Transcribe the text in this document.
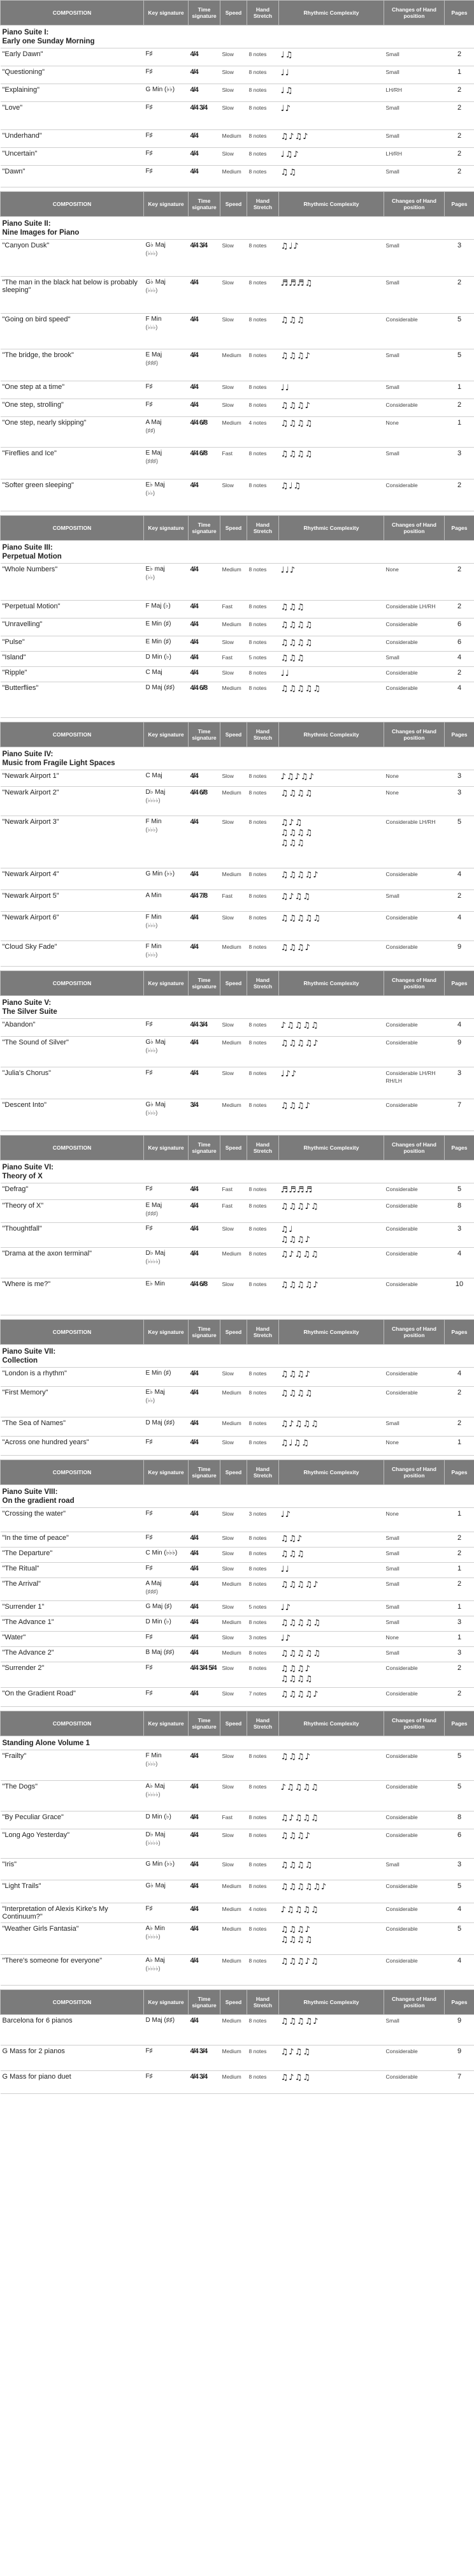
COMPOSITION	Key signature	Time signature	Speed	Hand Stretch	Rhythmic Complexity	Changes of Hand position	Pages

Piano Suite I:
Early one Sunday Morning							

"Early Dawn"	F♯	4/4	Slow	8 notes	♩♫	Small	2
"Questioning"	F♯	4/4	Slow	8 notes	♩♩	Small	1
"Explaining"	G Min (♭♭)	4/4	Slow	8 notes	♩♫	LH/RH	2
"Love"	F♯	4/4 3/4	Slow	8 notes	♩♪	Small	2
"Underhand"	F♯	4/4	Medium	8 notes	♫♪♫♪	Small	2
"Uncertain"	F♯	4/4	Slow	8 notes	♩♫♪	LH/RH	2
"Dawn"	F♯	4/4	Medium	8 notes	♫♫	Small	2
COMPOSITION	Key signature	Time signature	Speed	Hand Stretch	Rhythmic Complexity	Changes of Hand position	Pages

Piano Suite II:
Nine Images for Piano							

"Canyon Dusk"	G♭ Maj
(♭♭♭)	4/4 3/4	Slow	8 notes	♫♩♪	Small	3
"The man in the black hat below is probably sleeping"	G♭ Maj
(♭♭♭)	4/4	Slow	8 notes	♬♬♬♫	Small	2
"Going on bird speed"	F Min
(♭♭♭)	4/4	Slow	8 notes	♫♫♫	Considerable	5
"The bridge, the brook"	E Maj
(♯♯♯)	4/4	Medium	8 notes	♫♫♫♪	Small	5
"One step at a time"	F♯	4/4	Slow	8 notes	♩♩	Small	1
"One step, strolling"	F♯	4/4	Slow	8 notes	♫♫♫♪	Considerable	2
"One step, nearly skipping"	A Maj
(♯♯)	4/4 6/8	Medium	4 notes	♫♫♫♫	None	1
"Fireflies and Ice"	E Maj
(♯♯♯)	4/4 6/8	Fast	8 notes	♫♫♫♫	Small	3
"Softer green sleeping"	E♭ Maj
(♭♭)	4/4	Slow	8 notes	♫♩♫	Considerable	2
COMPOSITION	Key signature	Time signature	Speed	Hand Stretch	Rhythmic Complexity	Changes of Hand position	Pages

Piano Suite III:
Perpetual Motion							

"Whole Numbers"	E♭ maj
(♭♭)	4/4	Medium	8 notes	♩♩♪	None	2
"Perpetual Motion"	F Maj (♭)	4/4	Fast	8 notes	♫♫♫	Considerable LH/RH	2
"Unravelling"	E Min (♯)	4/4	Medium	8 notes	♫♫♫♫	Considerable	6
"Pulse"	E Min (♯)	4/4	Slow	8 notes	♫♫♫♫	Considerable	6
"Island"	D Min (♭)	4/4	Fast	5 notes	♫♫♫	Small	4
"Ripple"	C Maj	4/4	Slow	8 notes	♩♩	Considerable	2
"Butterflies"	D Maj (♯♯)	4/4 6/8	Medium	8 notes	♫♫♫♫♫	Considerable	4
COMPOSITION	Key signature	Time signature	Speed	Hand Stretch	Rhythmic Complexity	Changes of Hand position	Pages

Piano Suite IV:
Music from Fragile Light Spaces							

"Newark Airport 1"	C Maj	4/4	Slow	8 notes	♪♫♪♫♪	None	3
"Newark Airport 2"	D♭ Maj
(♭♭♭♭)	4/4 6/8	Medium	8 notes	♫♫♫♫	None	3
"Newark Airport 3"	F Min
(♭♭♭)	4/4	Slow	8 notes	♫♪♫
♫♫♫♫
♫♫♫	Considerable LH/RH	5
"Newark Airport 4"	G Min (♭♭)	4/4	Medium	8 notes	♫♫♫♫♪	Considerable	4
"Newark Airport 5"	A Min	4/4 7/8	Fast	8 notes	♫♪♫♫	Small	2
"Newark Airport 6"	F Min
(♭♭♭)	4/4	Slow	8 notes	♫♫♫♫♫	Considerable	4
"Cloud Sky Fade"	F Min
(♭♭♭)	4/4	Medium	8 notes	♫♫♫♪	Considerable	9
COMPOSITION	Key signature	Time signature	Speed	Hand Stretch	Rhythmic Complexity	Changes of Hand position	Pages

Piano Suite V:
The Silver Suite							

"Abandon"	F♯	4/4 3/4	Slow	8 notes	♪♫♫♫♫	Considerable	4
"The Sound of Silver"	G♭ Maj
(♭♭♭)	4/4	Medium	8 notes	♫♫♫♫♪	Considerable	9
"Julia's Chorus"	F♯	4/4	Slow	8 notes	♩♪♪	Considerable LH/RH RH/LH	3
"Descent Into"	G♭ Maj
(♭♭♭)	3/4	Medium	8 notes	♫♫♫♪	Considerable	7
COMPOSITION	Key signature	Time signature	Speed	Hand Stretch	Rhythmic Complexity	Changes of Hand position	Pages

Piano Suite VI:
Theory of X							

"Defrag"	F♯	4/4	Fast	8 notes	♬♬♬♬	Considerable	5
"Theory of X"	E Maj
(♯♯♯)	4/4	Fast	8 notes	♫♫♫♪♫	Considerable	8
"Thoughtfall"	F♯	4/4	Slow	8 notes	♫♩
♫♫♫♪	Considerable	3
"Drama at the axon terminal"	D♭ Maj
(♭♭♭♭)	4/4	Medium	8 notes	♫♪♫♫♫	Considerable	4
"Where is me?"	E♭ Min	4/4 6/8	Slow	8 notes	♫♫♫♫♪	Considerable	10
COMPOSITION	Key signature	Time signature	Speed	Hand Stretch	Rhythmic Complexity	Changes of Hand position	Pages

Piano Suite VII:
Collection							

"London is a rhythm"	E Min (♯)	4/4	Slow	8 notes	♫♫♫♪	Considerable	4
"First Memory"	E♭ Maj
(♭♭)	4/4	Medium	8 notes	♫♫♫♫	Considerable	2
"The Sea of Names"	D Maj (♯♯)	4/4	Medium	8 notes	♫♪♫♫♫	Small	2
"Across one hundred years"	F♯	4/4	Slow	8 notes	♫♩♫♫	None	1
COMPOSITION	Key signature	Time signature	Speed	Hand Stretch	Rhythmic Complexity	Changes of Hand position	Pages

Piano Suite VIII:
On the gradient road							

"Crossing the water"	F♯	4/4	Slow	3 notes	♩♪	None	1
"In the time of peace"	F♯	4/4	Slow	8 notes	♫♫♪	Small	2
"The Departure"	C Min (♭♭♭)	4/4	Slow	8 notes	♫♫♫	Small	2
"The Ritual"	F♯	4/4	Slow	8 notes	♩♩	Small	1
"The Arrival"	A Maj
(♯♯♯)	4/4	Medium	8 notes	♫♫♫♫♪	Small	2
"Surrender 1"	G Maj (♯)	4/4	Slow	5 notes	♩♪	Small	1
"The Advance 1"	D Min (♭)	4/4	Medium	8 notes	♫♫♫♫♫	Small	3
"Water"	F♯	4/4	Slow	3 notes	♩♪	None	1
"The Advance 2"	B Maj (♯♯)	4/4	Medium	8 notes	♫♫♫♫♫	Small	3
"Surrender 2"	F♯	4/4 3/4 5/4	Slow	8 notes	♫♫♫♪
♫♫♫♫	Considerable	2
"On the Gradient Road"	F♯	4/4	Slow	7 notes	♫♫♫♫♪	Considerable	2
COMPOSITION	Key signature	Time signature	Speed	Hand Stretch	Rhythmic Complexity	Changes of Hand position	Pages

Standing Alone Volume 1							

"Frailty"	F Min
(♭♭♭)	4/4	Slow	8 notes	♫♫♫♪	Considerable	5
"The Dogs"	A♭ Maj
(♭♭♭♭)	4/4	Slow	8 notes	♪♫♫♫♫	Considerable	5
"By Peculiar Grace"	D Min (♭)	4/4	Fast	8 notes	♫♪♫♫♫	Considerable	8
"Long Ago Yesterday"	D♭ Maj
(♭♭♭♭)	4/4	Slow	8 notes	♫♫♫♪	Considerable	6
"Iris"	G Min (♭♭)	4/4	Slow	8 notes	♫♫♫♫	Small	3
"Light Trails"	G♭ Maj	4/4	Medium	8 notes	♫♫♫♫♫♪	Considerable	5
"Interpretation of Alexis Kirke's My Continuum?"	F♯	4/4	Medium	4 notes	♪♫♫♫♫	Considerable	4
"Weather Girls Fantasia"	A♭ Min
(♭♭♭♭)	4/4	Medium	8 notes	♫♫♫♪
♫♫♫♫	Considerable	5
"There's someone for everyone"	A♭ Maj
(♭♭♭♭)	4/4	Medium	8 notes	♫♫♫♪♫	Considerable	4
COMPOSITION	Key signature	Time signature	Speed	Hand Stretch	Rhythmic Complexity	Changes of Hand position	Pages
Barcelona for 6 pianos	D Maj (♯♯)	4/4	Medium	8 notes	♫♫♫♫♪	Small	9
G Mass for 2 pianos	F♯	4/4 3/4	Medium	8 notes	♫♪♫♫	Considerable	9
G Mass for piano duet	F♯	4/4 3/4	Medium	8 notes	♫♪♫♫	Considerable	7
